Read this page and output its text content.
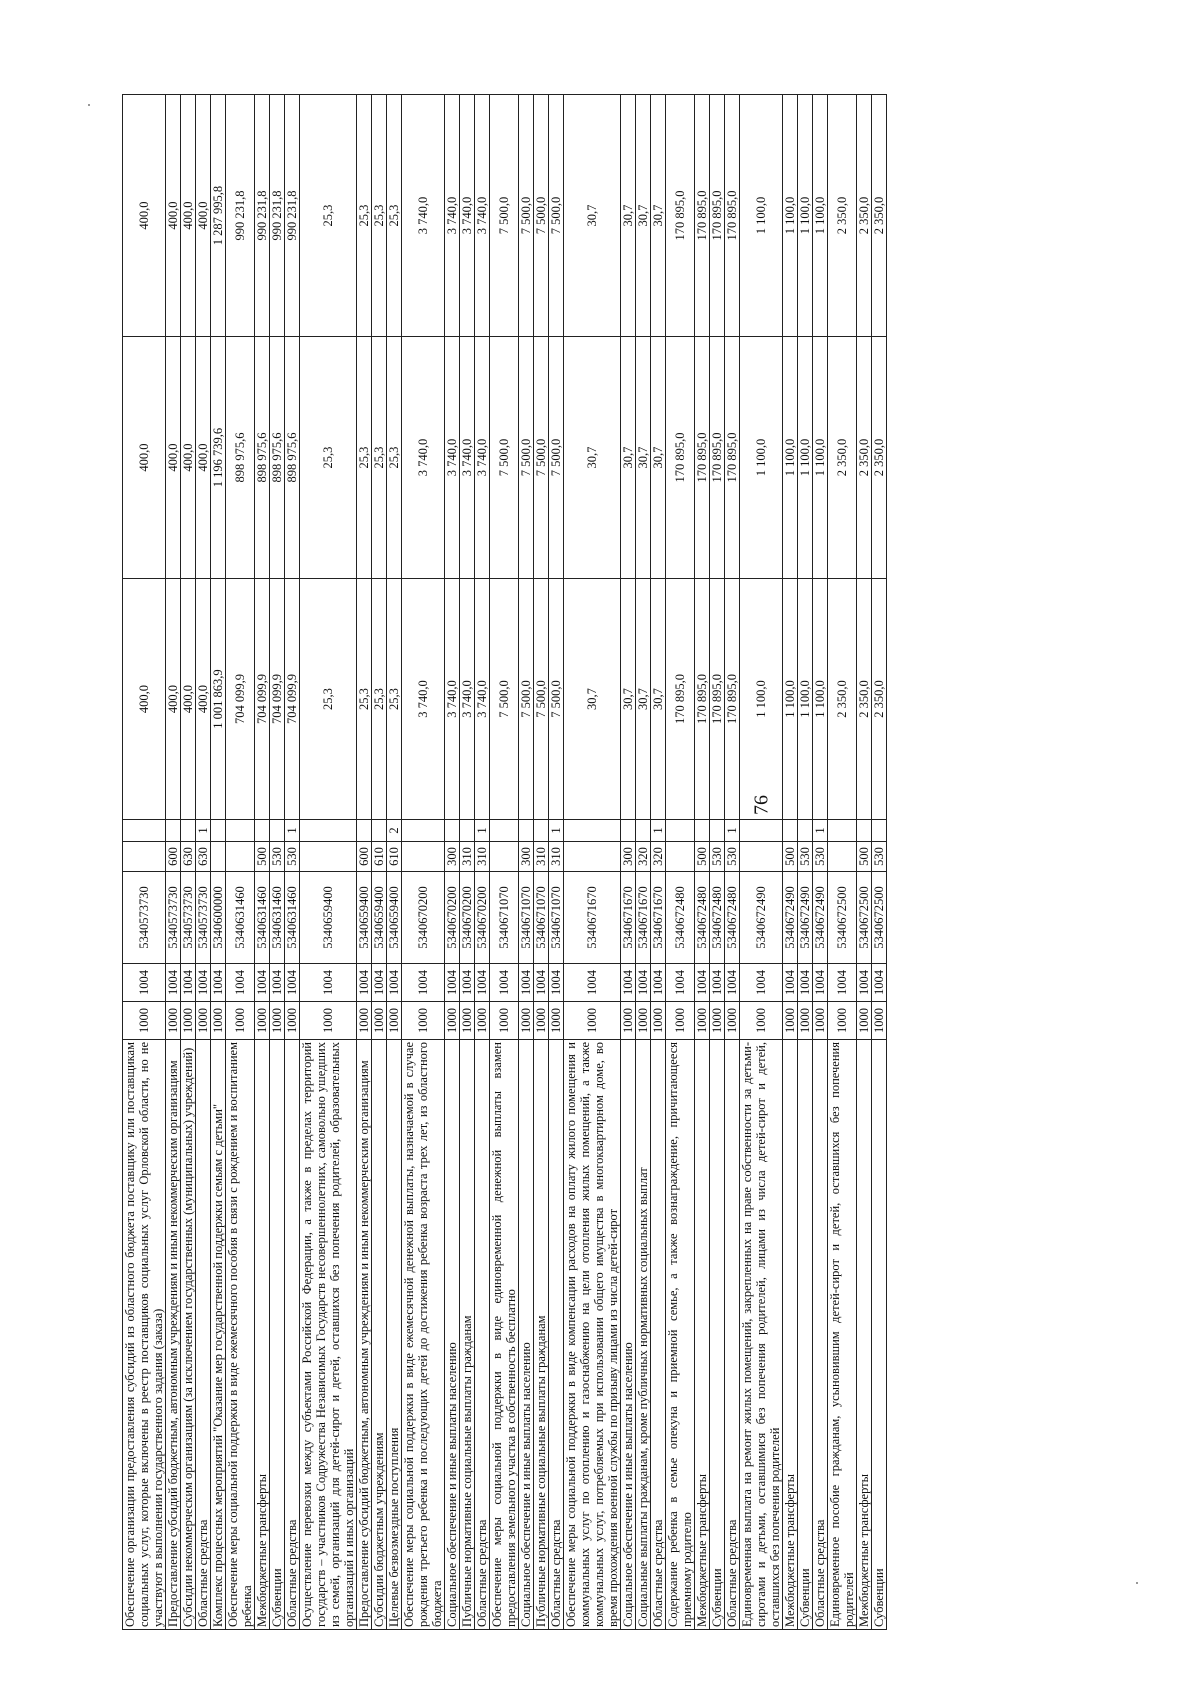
76
Обеспечение организации предоставления субсидий из областного бюджета поставщику или поставщикам социальных услуг, которые включены в реестр поставщиков социальных услуг Орловской области, но не участвуют в выполнении государственного задания (заказа)	1000	1004	5340573730			400,0	400,0	400,0
Предоставление субсидий бюджетным, автономным учреждениям и иным некоммерческим организациям	1000	1004	5340573730	600		400,0	400,0	400,0
Субсидии некоммерческим организациям (за исключением государственных (муниципальных) учреждений)	1000	1004	5340573730	630		400,0	400,0	400,0
Областные средства	1000	1004	5340573730	630	1	400,0	400,0	400,0
Комплекс процессных мероприятий "Оказание мер государственной поддержки семьям с детьми"	1000	1004	5340600000			1 001 863,9	1 196 739,6	1 287 995,8
Обеспечение меры социальной поддержки в виде ежемесячного пособия в связи с рождением и воспитанием ребенка	1000	1004	5340631460			704 099,9	898 975,6	990 231,8
Межбюджетные трансферты	1000	1004	5340631460	500		704 099,9	898 975,6	990 231,8
Субвенции	1000	1004	5340631460	530		704 099,9	898 975,6	990 231,8
Областные средства	1000	1004	5340631460	530	1	704 099,9	898 975,6	990 231,8
Осуществление перевозки между субъектами Российской Федерации, а также в пределах территорий государств – участников Содружества Независимых Государств несовершеннолетних, самовольно ушедших из семей, организаций для детей-сирот и детей, оставшихся без попечения родителей, образовательных организаций и иных организаций	1000	1004	5340659400			25,3	25,3	25,3
Предоставление субсидий бюджетным, автономным учреждениям и иным некоммерческим организациям	1000	1004	5340659400	600		25,3	25,3	25,3
Субсидии бюджетным учреждениям	1000	1004	5340659400	610		25,3	25,3	25,3
Целевые безвозмездные поступления	1000	1004	5340659400	610	2	25,3	25,3	25,3
Обеспечение меры социальной поддержки в виде ежемесячной денежной выплаты, назначаемой в случае рождения третьего ребенка и последующих детей до достижения ребенка возраста трех лет, из областного бюджета	1000	1004	5340670200			3 740,0	3 740,0	3 740,0
Социальное обеспечение и иные выплаты населению	1000	1004	5340670200	300		3 740,0	3 740,0	3 740,0
Публичные нормативные социальные выплаты гражданам	1000	1004	5340670200	310		3 740,0	3 740,0	3 740,0
Областные средства	1000	1004	5340670200	310	1	3 740,0	3 740,0	3 740,0
Обеспечение меры социальной поддержки в виде единовременной денежной выплаты взамен предоставления земельного участка в собственность бесплатно	1000	1004	5340671070			7 500,0	7 500,0	7 500,0
Социальное обеспечение и иные выплаты населению	1000	1004	5340671070	300		7 500,0	7 500,0	7 500,0
Публичные нормативные социальные выплаты гражданам	1000	1004	5340671070	310		7 500,0	7 500,0	7 500,0
Областные средства	1000	1004	5340671070	310	1	7 500,0	7 500,0	7 500,0
Обеспечение меры социальной поддержки в виде компенсации расходов на оплату жилого помещения и коммунальных услуг по отоплению и газоснабжению на цели отопления жилых помещений, а также коммунальных услуг, потребляемых при использовании общего имущества в многоквартирном доме, во время прохождения военной службы по призыву лицами из числа детей-сирот	1000	1004	5340671670			30,7	30,7	30,7
Социальное обеспечение и иные выплаты населению	1000	1004	5340671670	300		30,7	30,7	30,7
Социальные выплаты гражданам, кроме публичных нормативных социальных выплат	1000	1004	5340671670	320		30,7	30,7	30,7
Областные средства	1000	1004	5340671670	320	1	30,7	30,7	30,7
Содержание ребенка в семье опекуна и приемной семье, а также вознаграждение, причитающееся приемному родителю	1000	1004	5340672480			170 895,0	170 895,0	170 895,0
Межбюджетные трансферты	1000	1004	5340672480	500		170 895,0	170 895,0	170 895,0
Субвенции	1000	1004	5340672480	530		170 895,0	170 895,0	170 895,0
Областные средства	1000	1004	5340672480	530	1	170 895,0	170 895,0	170 895,0
Единовременная выплата на ремонт жилых помещений, закрепленных на праве собственности за детьми-сиротами и детьми, оставшимися без попечения родителей, лицами из числа детей-сирот и детей, оставшихся без попечения родителей	1000	1004	5340672490			1 100,0	1 100,0	1 100,0
Межбюджетные трансферты	1000	1004	5340672490	500		1 100,0	1 100,0	1 100,0
Субвенции	1000	1004	5340672490	530		1 100,0	1 100,0	1 100,0
Областные средства	1000	1004	5340672490	530	1	1 100,0	1 100,0	1 100,0
Единовременное пособие гражданам, усыновившим детей-сирот и детей, оставшихся без попечения родителей	1000	1004	5340672500			2 350,0	2 350,0	2 350,0
Межбюджетные трансферты	1000	1004	5340672500	500		2 350,0	2 350,0	2 350,0
Субвенции	1000	1004	5340672500	530		2 350,0	2 350,0	2 350,0
